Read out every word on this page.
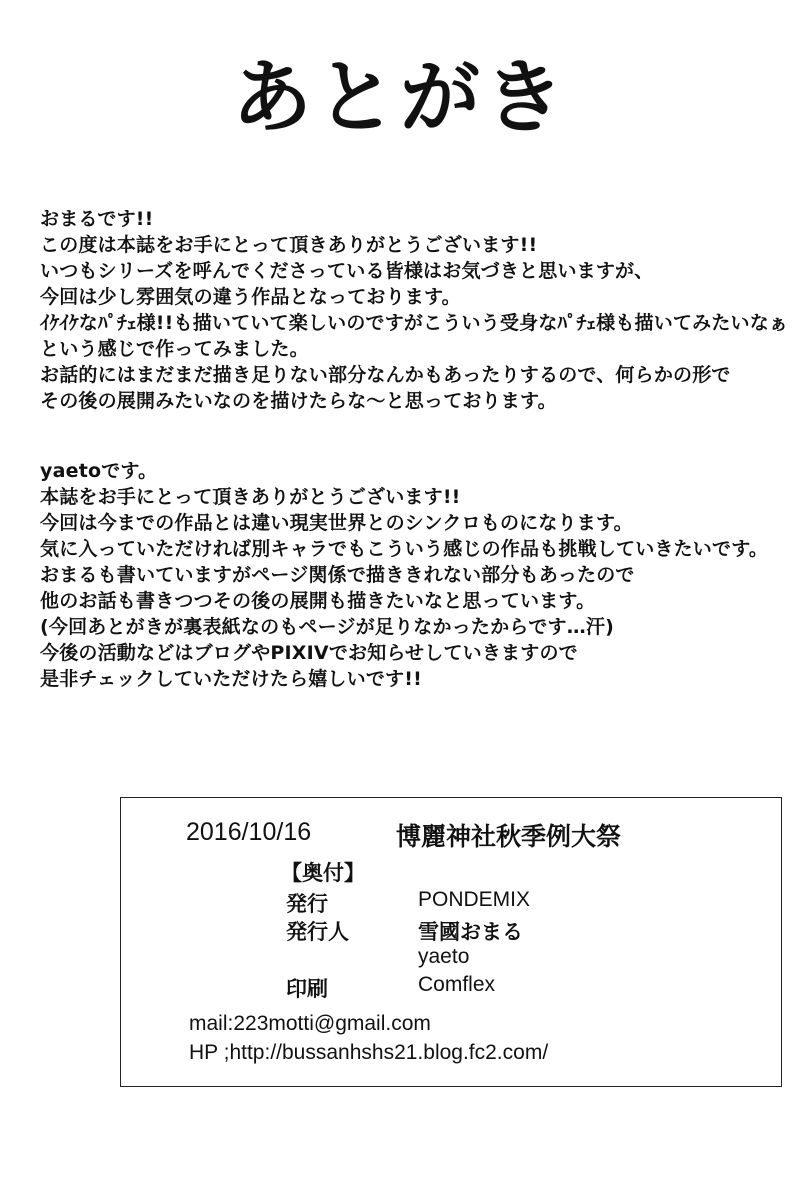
あとがき
おまるです!!
この度は本誌をお手にとって頂きありがとうございます!!
いつもシリーズを呼んでくださっている皆様はお気づきと思いますが、
今回は少し雰囲気の違う作品となっております。
ｲｹｲｹなﾊﾟﾁｪ様!!も描いていて楽しいのですがこういう受身なﾊﾟﾁｪ様も描いてみたいなぁ
という感じで作ってみました。
お話的にはまだまだ描き足りない部分なんかもあったりするので、何らかの形で
その後の展開みたいなのを描けたらな～と思っております。
yaetoです。
本誌をお手にとって頂きありがとうございます!!
今回は今までの作品とは違い現実世界とのシンクロものになります。
気に入っていただければ別キャラでもこういう感じの作品も挑戦していきたいです。
おまるも書いていますがページ関係で描ききれない部分もあったので
他のお話も書きつつその後の展開も描きたいなと思っています。
(今回あとがきが裏表紙なのもページが足りなかったからです…汗)
今後の活動などはブログやPIXIVでお知らせしていきますので
是非チェックしていただけたら嬉しいです!!
2016/10/16	博麗神社秋季例大祭
【奥付】
発行	PONDEMIX
発行人	雪國おまる
yaeto
印刷	Comflex
mail:223motti@gmail.com
HP ;http://bussanhshs21.blog.fc2.com/
